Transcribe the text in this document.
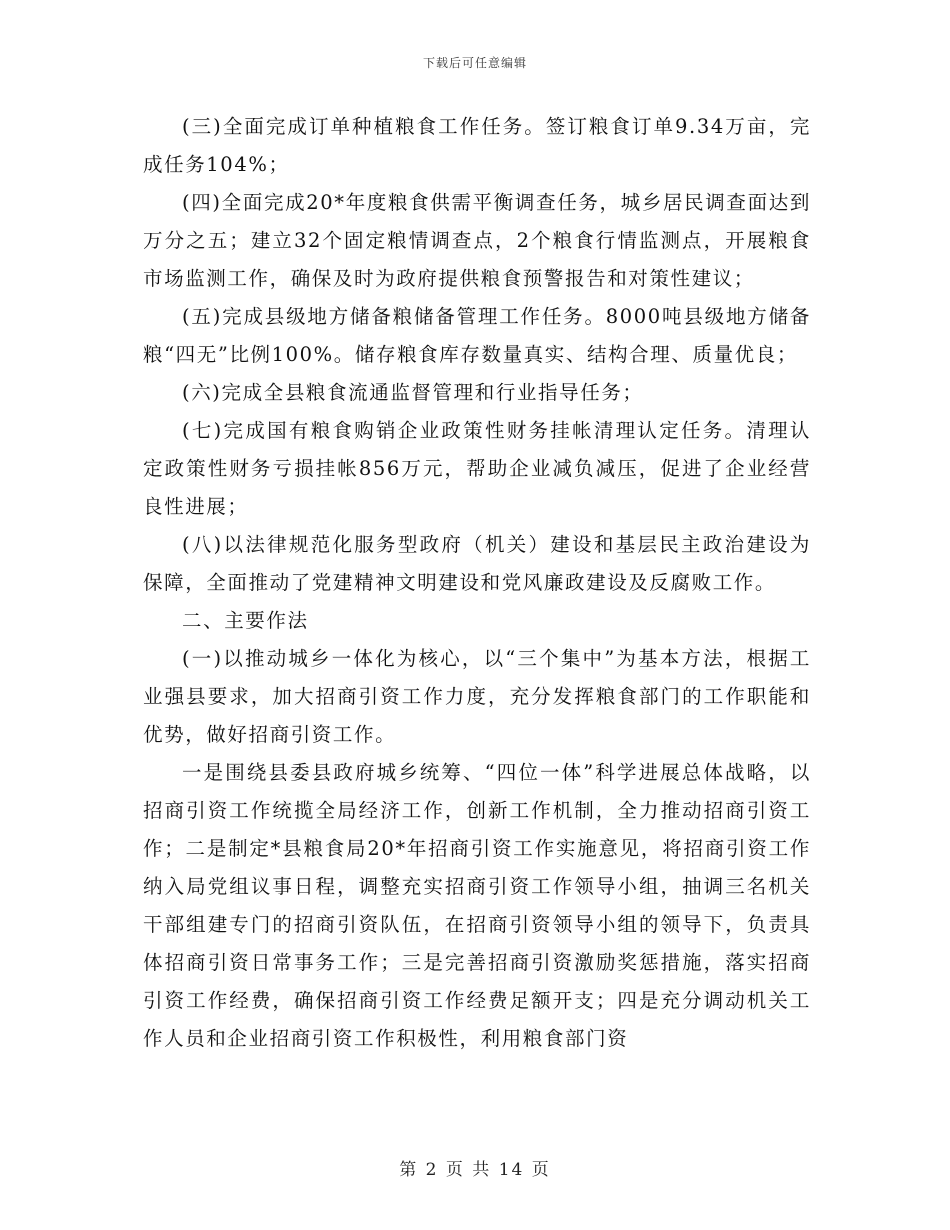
下载后可任意编辑

(三)全面完成订单种植粮食工作任务。签订粮食订单9.34万亩，完成任务104%；

(四)全面完成20*年度粮食供需平衡调查任务，城乡居民调查面达到万分之五；建立32个固定粮情调查点，2个粮食行情监测点，开展粮食市场监测工作，确保及时为政府提供粮食预警报告和对策性建议；

(五)完成县级地方储备粮储备管理工作任务。8000吨县级地方储备粮“四无”比例100%。储存粮食库存数量真实、结构合理、质量优良；

(六)完成全县粮食流通监督管理和行业指导任务；

(七)完成国有粮食购销企业政策性财务挂帐清理认定任务。清理认定政策性财务亏损挂帐856万元，帮助企业减负减压，促进了企业经营良性进展；

(八)以法律规范化服务型政府（机关）建设和基层民主政治建设为保障，全面推动了党建精神文明建设和党风廉政建设及反腐败工作。

二、主要作法

(一)以推动城乡一体化为核心，以“三个集中”为基本方法，根据工业强县要求，加大招商引资工作力度，充分发挥粮食部门的工作职能和优势，做好招商引资工作。

一是围绕县委县政府城乡统筹、“四位一体”科学进展总体战略，以招商引资工作统揽全局经济工作，创新工作机制，全力推动招商引资工作；二是制定*县粮食局20*年招商引资工作实施意见，将招商引资工作纳入局党组议事日程，调整充实招商引资工作领导小组，抽调三名机关干部组建专门的招商引资队伍，在招商引资领导小组的领导下，负责具体招商引资日常事务工作；三是完善招商引资激励奖惩措施，落实招商引资工作经费，确保招商引资工作经费足额开支；四是充分调动机关工作人员和企业招商引资工作积极性，利用粮食部门资

第 2 页 共 14 页
